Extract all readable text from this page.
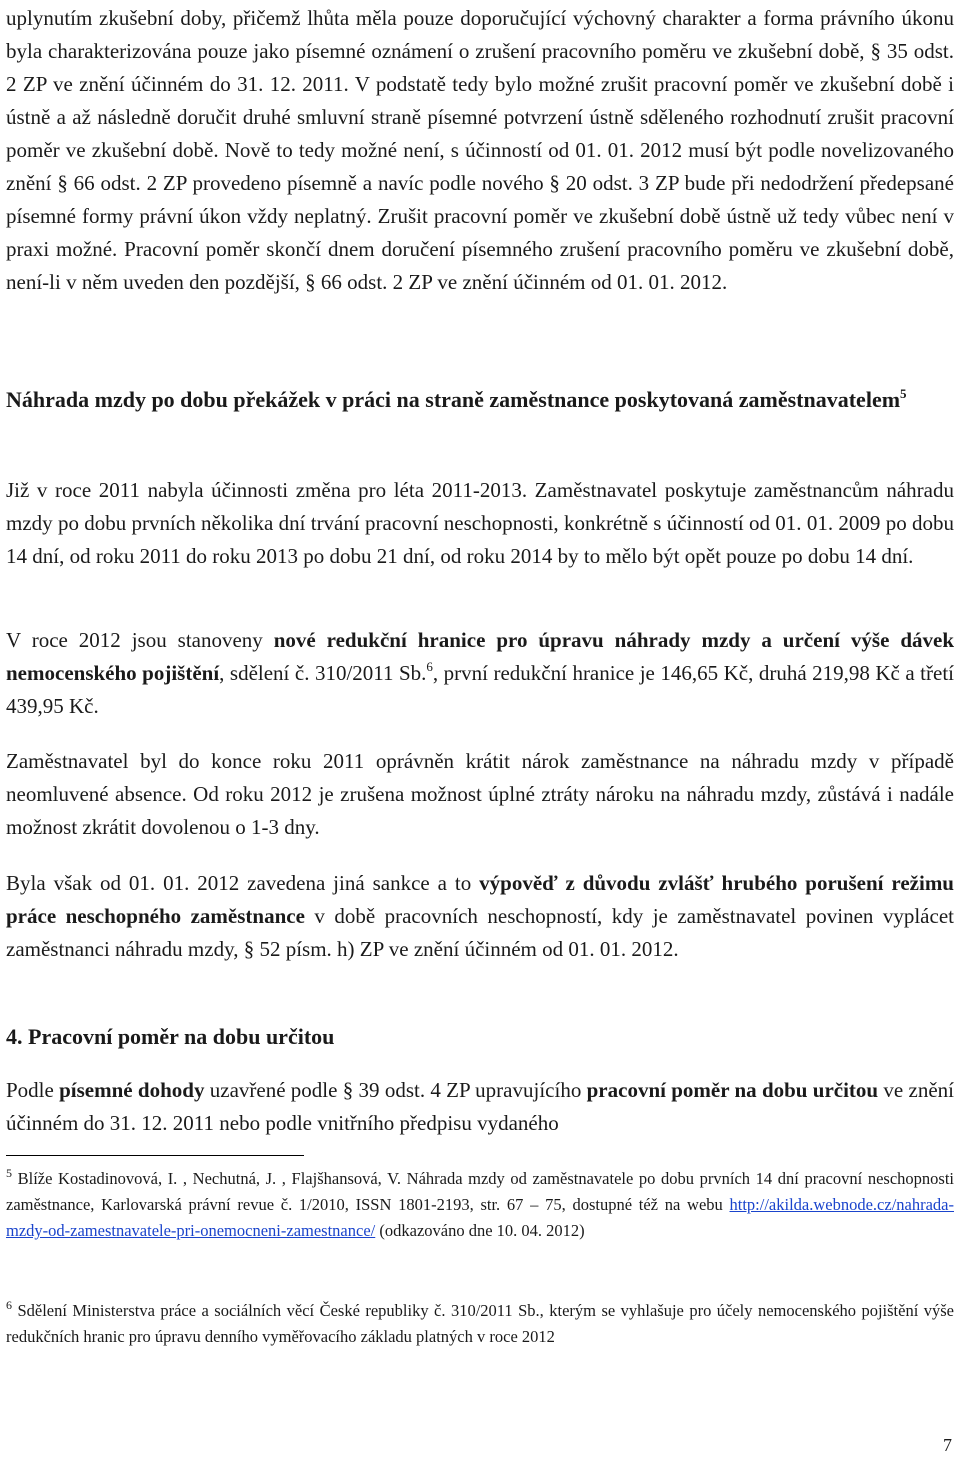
uplynutím zkušební doby, přičemž lhůta měla pouze doporučující výchovný charakter a forma právního úkonu byla charakterizována pouze jako písemné oznámení o zrušení pracovního poměru ve zkušební době, § 35 odst. 2 ZP ve znění účinném do 31. 12. 2011. V podstatě tedy bylo možné zrušit pracovní poměr ve zkušební době i ústně a až následně doručit druhé smluvní straně písemné potvrzení ústně sděleného rozhodnutí zrušit pracovní poměr ve zkušební době. Nově to tedy možné není, s účinností od 01. 01. 2012 musí být podle novelizovaného znění § 66 odst. 2 ZP provedeno písemně a navíc podle nového § 20 odst. 3 ZP bude při nedodržení předepsané písemné formy právní úkon vždy neplatný. Zrušit pracovní poměr ve zkušební době ústně už tedy vůbec není v praxi možné. Pracovní poměr skončí dnem doručení písemného zrušení pracovního poměru ve zkušební době, není-li v něm uveden den pozdější, § 66 odst. 2 ZP ve znění účinném od 01. 01. 2012.

Náhrada mzdy po dobu překážek v práci na straně zaměstnance poskytovaná zaměstnavatelem$^5$

Již v roce 2011 nabyla účinnosti změna pro léta 2011-2013. Zaměstnavatel poskytuje zaměstnancům náhradu mzdy po dobu prvních několika dní trvání pracovní neschopnosti, konkrétně s účinností od 01. 01. 2009 po dobu 14 dní, od roku 2011 do roku 2013 po dobu 21 dní, od roku 2014 by to mělo být opět pouze po dobu 14 dní.

V roce 2012 jsou stanoveny nové redukční hranice pro úpravu náhrady mzdy a určení výše dávek nemocenského pojištění, sdělení č. 310/2011 Sb.$^6$, první redukční hranice je 146,65 Kč, druhá 219,98 Kč a třetí 439,95 Kč.

Zaměstnavatel byl do konce roku 2011 oprávněn krátit nárok zaměstnance na náhradu mzdy v případě neomluvené absence. Od roku 2012 je zrušena možnost úplné ztráty nároku na náhradu mzdy, zůstává i nadále možnost zkrátit dovolenou o 1-3 dny.

Byla však od 01. 01. 2012 zavedena jiná sankce a to výpověď z důvodu zvlášť hrubého porušení režimu práce neschopného zaměstnance v době pracovních neschopností, kdy je zaměstnavatel povinen vyplácet zaměstnanci náhradu mzdy, § 52 písm. h) ZP ve znění účinném od 01. 01. 2012.

4. Pracovní poměr na dobu určitou

Podle písemné dohody uzavřené podle § 39 odst. 4 ZP upravujícího pracovní poměr na dobu určitou ve znění účinném do 31. 12. 2011 nebo podle vnitřního předpisu vydaného

$^5$ Blíže Kostadinovová, I. , Nechutná, J. , Flajšhansová, V. Náhrada mzdy od zaměstnavatele po dobu prvních 14 dní pracovní neschopnosti zaměstnance, Karlovarská právní revue č. 1/2010, ISSN 1801-2193, str. 67 – 75, dostupné též na webu http://akilda.webnode.cz/nahrada-mzdy-od-zamestnavatele-pri-onemocneni-zamestnance/ (odkazováno dne 10. 04. 2012)

$^6$ Sdělení Ministerstva práce a sociálních věcí České republiky č. 310/2011 Sb., kterým se vyhlašuje pro účely nemocenského pojištění výše redukčních hranic pro úpravu denního vyměřovacího základu platných v roce 2012

7
